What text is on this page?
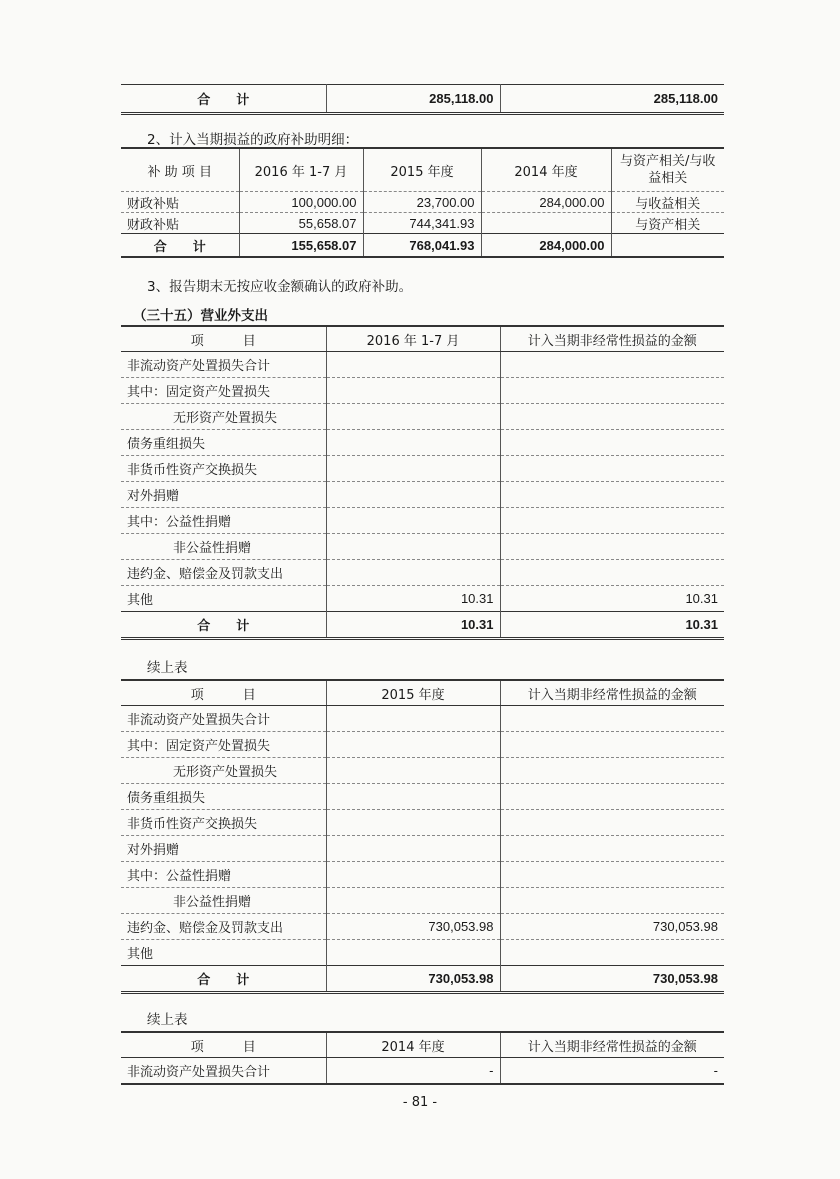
合　　计	285,118.00	285,118.00
2、计入当期损益的政府补助明细：
补 助 项 目	2016 年 1-7 月	2015 年度	2014 年度	与资产相关/与收益相关
财政补贴	100,000.00	23,700.00	284,000.00	与收益相关
财政补贴	55,658.07	744,341.93		与资产相关
合　　计	155,658.07	768,041.93	284,000.00	
3、报告期末无按应收金额确认的政府补助。
（三十五）营业外支出
项　　　目	2016 年 1-7 月	计入当期非经常性损益的金额
非流动资产处置损失合计		
其中：固定资产处置损失		
无形资产处置损失		
债务重组损失		
非货币性资产交换损失		
对外捐赠		
其中：公益性捐赠		
非公益性捐赠		
违约金、赔偿金及罚款支出		
其他	10.31	10.31
合　　计	10.31	10.31
续上表
项　　　目	2015 年度	计入当期非经常性损益的金额
非流动资产处置损失合计		
其中：固定资产处置损失		
无形资产处置损失		
债务重组损失		
非货币性资产交换损失		
对外捐赠		
其中：公益性捐赠		
非公益性捐赠		
违约金、赔偿金及罚款支出	730,053.98	730,053.98
其他		
合　　计	730,053.98	730,053.98
续上表
项　　　目	2014 年度	计入当期非经常性损益的金额
非流动资产处置损失合计	-	-
- 81 -
